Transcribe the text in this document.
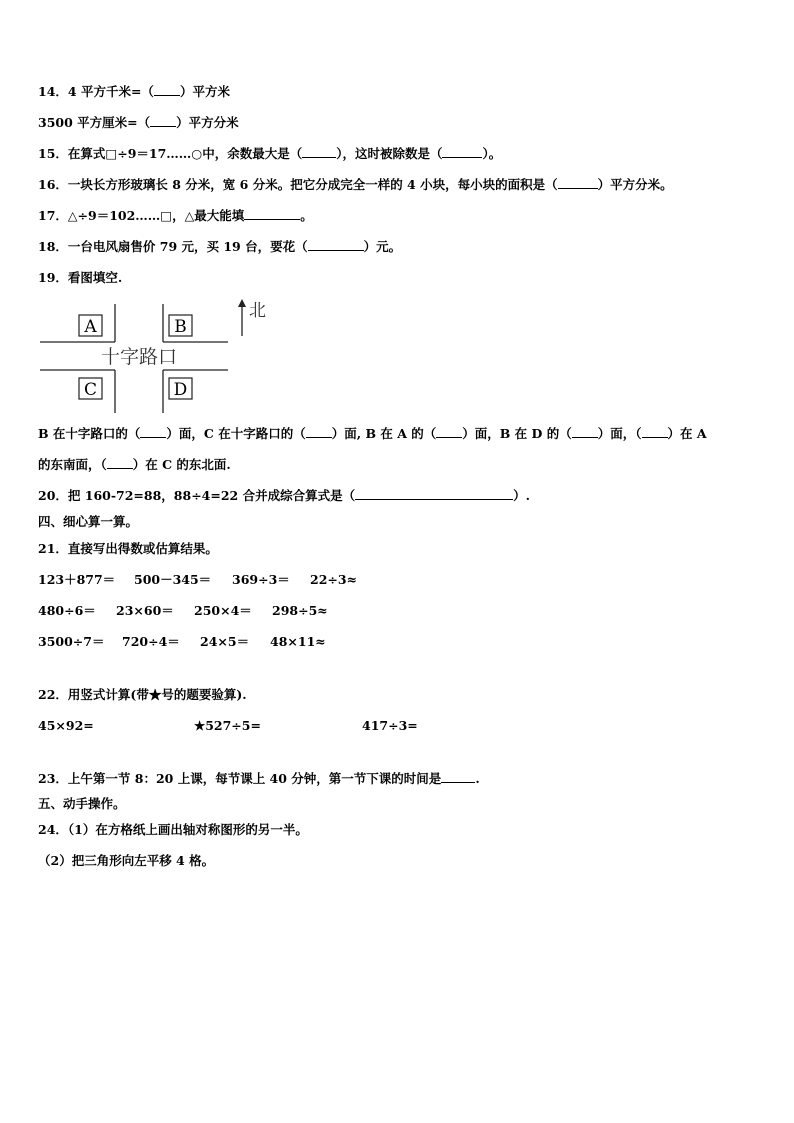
14．4 平方千米=（ ）平方米
3500 平方厘米=（ ）平方分米
15．在算式□÷9＝17……○中，余数最大是（	），这时被除数是（	）。
16．一块长方形玻璃长 8 分米，宽 6 分米。把它分成完全一样的 4 小块，每小块的面积是（	）平方分米。
17．△÷9＝102……□，△最大能填	。
18．一台电风扇售价 79 元，买 19 台，要花（	）元。
19．看图填空.
A	B
C	D
十字路口
北
B 在十字路口的（ ）面，C 在十字路口的（ ）面, B 在 A 的（ ）面，B 在 D 的（ ）面，（ ）在 A
的东南面，（ ）在 C 的东北面.
20．把 160-72=88，88÷4=22 合并成综合算式是（	）.
四、细心算一算。
21．直接写出得数或估算结果。
123＋877＝ 500－345＝ 369÷3＝ 22÷3≈
480÷6＝ 23×60＝ 250×4＝ 298÷5≈
3500÷7＝ 720÷4＝ 24×5＝ 48×11≈
22．用竖式计算(带★号的题要验算).
45×92=	★527÷5=	417÷3=
23．上午第一节 8：20 上课，每节课上 40 分钟，第一节下课的时间是	.
五、动手操作。
24．（1）在方格纸上画出轴对称图形的另一半。
（2）把三角形向左平移 4 格。
